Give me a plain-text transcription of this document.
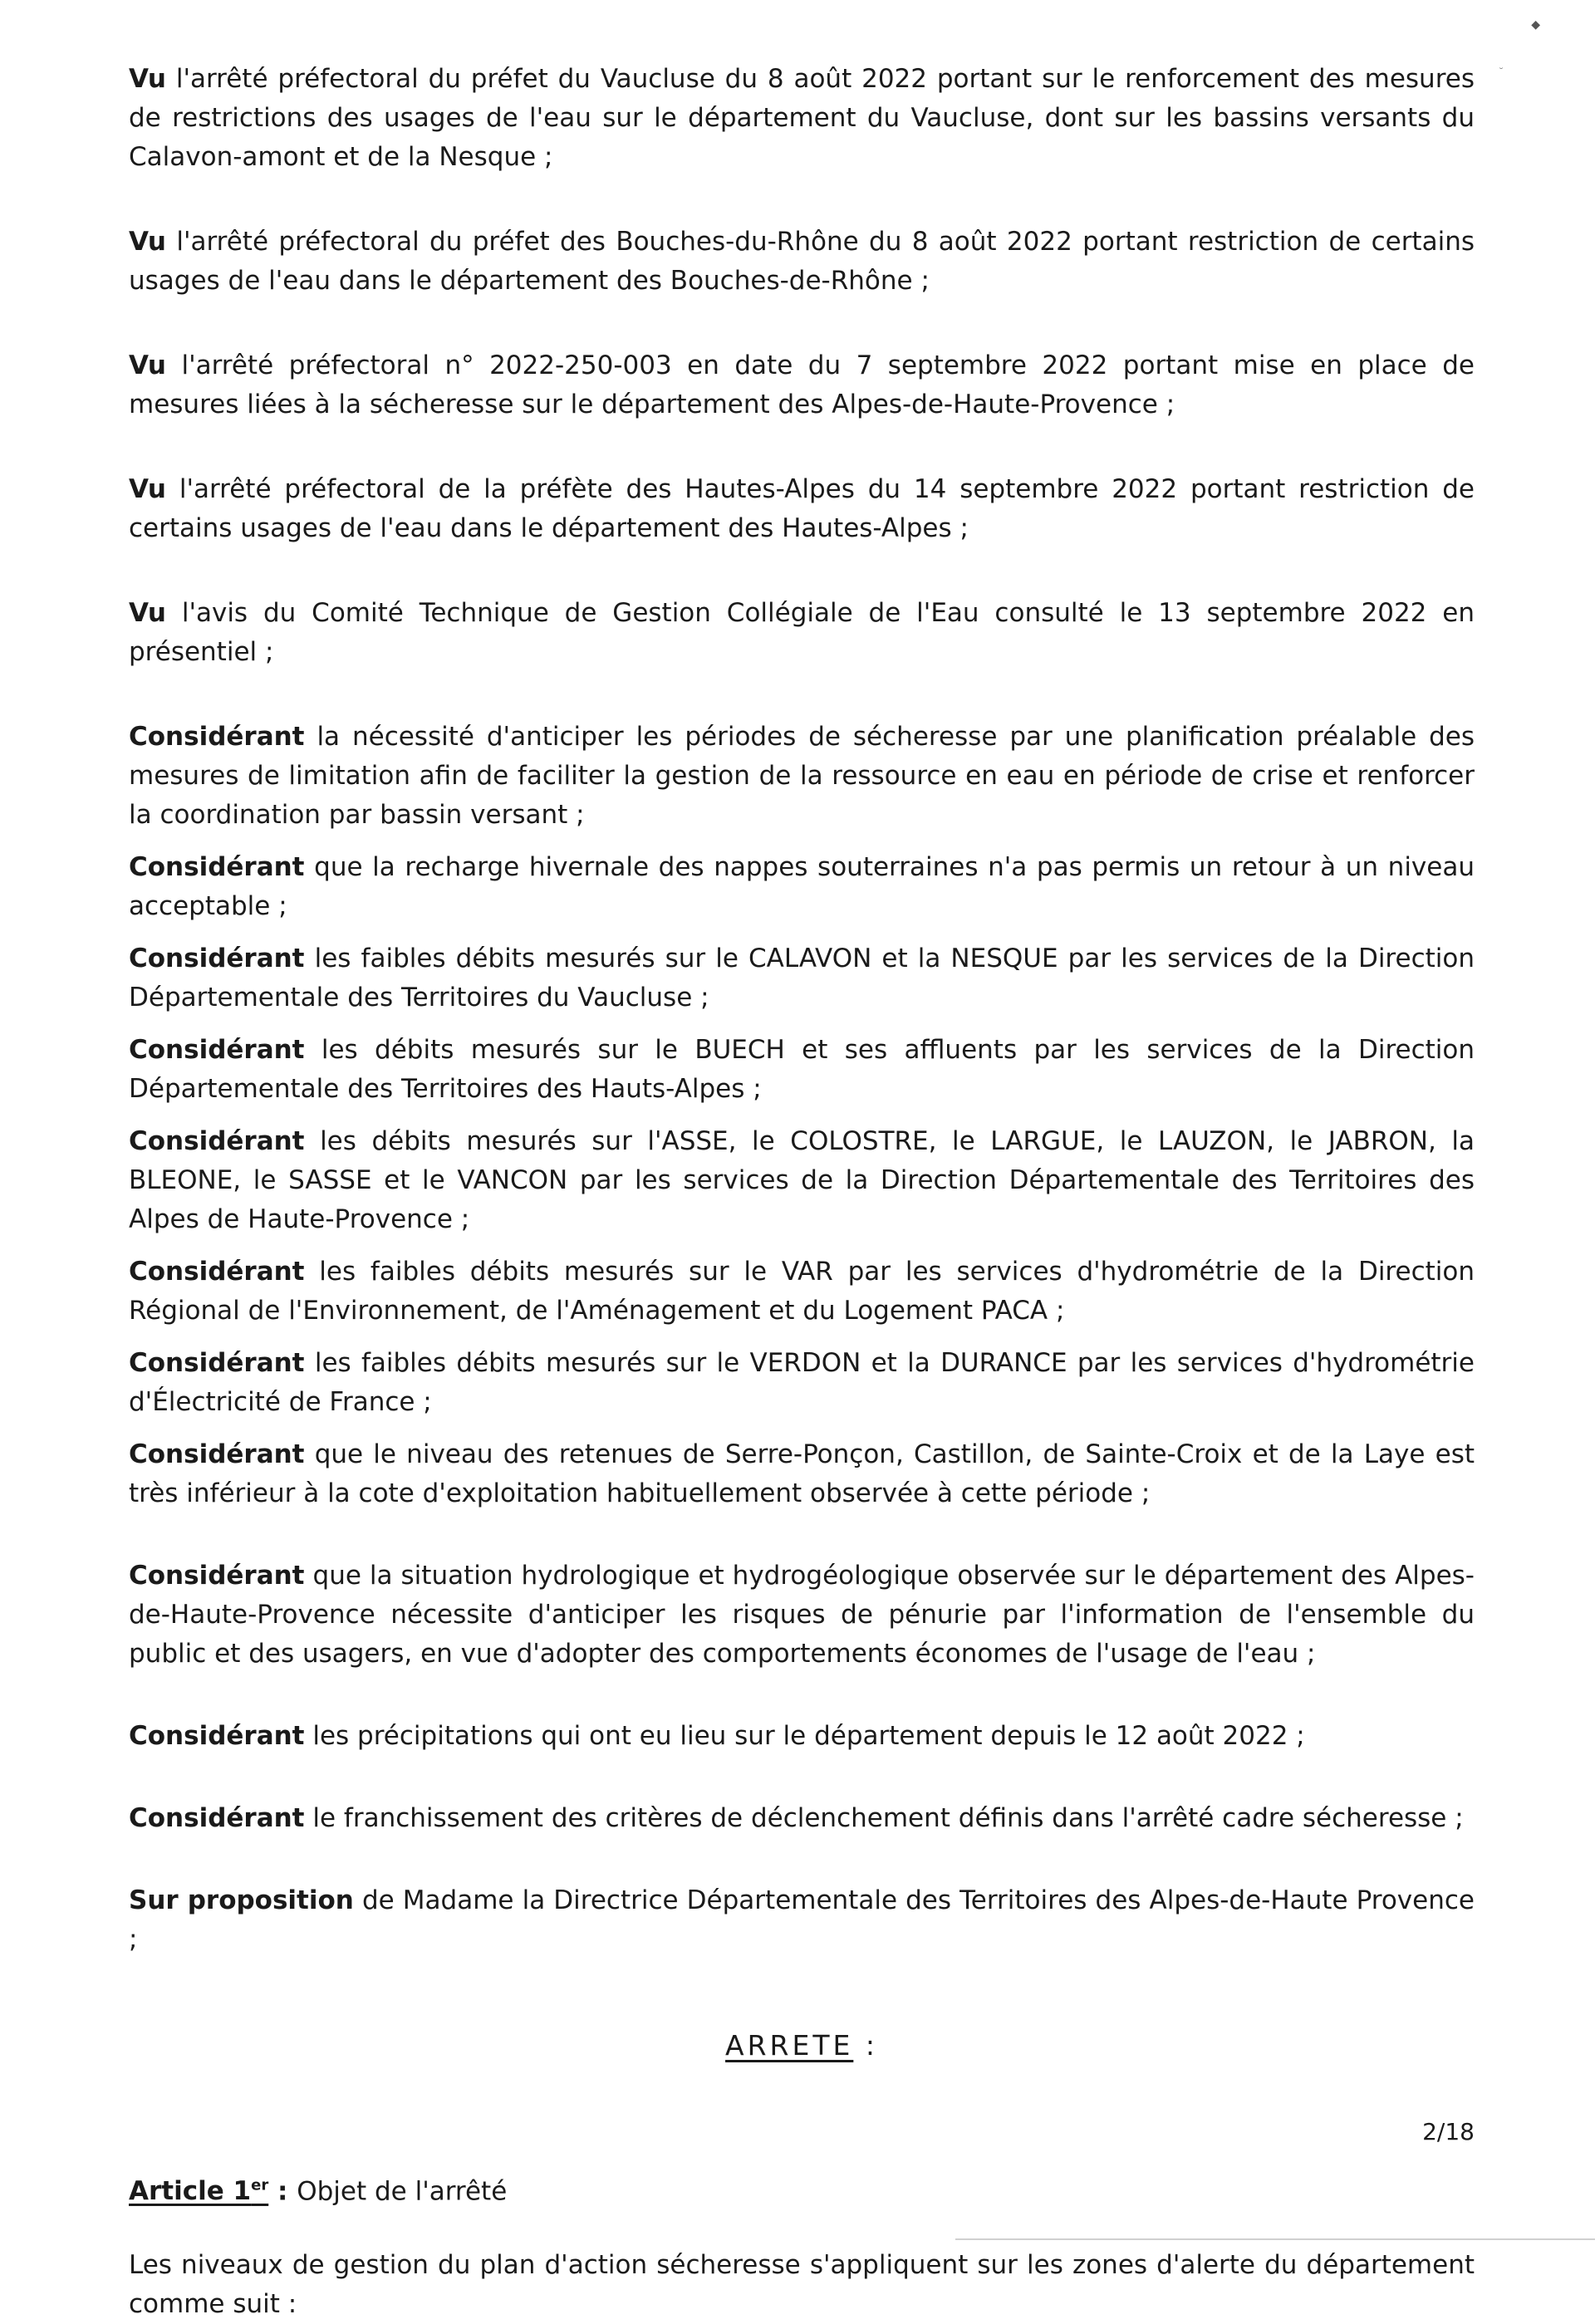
◆
˘

Vu l'arrêté préfectoral du préfet du Vaucluse du 8 août 2022 portant sur le renforcement des mesures de restrictions des usages de l'eau sur le département du Vaucluse, dont sur les bassins versants du Calavon-amont et de la Nesque ;

Vu l'arrêté préfectoral du préfet des Bouches-du-Rhône du 8 août 2022 portant restriction de certains usages de l'eau dans le département des Bouches-de-Rhône ;

Vu l'arrêté préfectoral n° 2022-250-003 en date du 7 septembre 2022 portant mise en place de mesures liées à la sécheresse sur le département des Alpes-de-Haute-Provence ;

Vu l'arrêté préfectoral de la préfète des Hautes-Alpes du 14 septembre 2022 portant restriction de certains usages de l'eau dans le département des Hautes-Alpes ;

Vu l'avis du Comité Technique de Gestion Collégiale de l'Eau consulté le 13 septembre 2022 en présentiel ;

Considérant la nécessité d'anticiper les périodes de sécheresse par une planification préalable des mesures de limitation afin de faciliter la gestion de la ressource en eau en période de crise et renforcer la coordination par bassin versant ;

Considérant que la recharge hivernale des nappes souterraines n'a pas permis un retour à un niveau acceptable ;

Considérant les faibles débits mesurés sur le CALAVON et la NESQUE par les services de la Direction Départementale des Territoires du Vaucluse ;

Considérant les débits mesurés sur le BUECH et ses affluents par les services de la Direction Départementale des Territoires des Hauts-Alpes ;

Considérant les débits mesurés sur l'ASSE, le COLOSTRE, le LARGUE, le LAUZON, le JABRON, la BLEONE, le SASSE et le VANCON par les services de la Direction Départementale des Territoires des Alpes de Haute-Provence ;

Considérant les faibles débits mesurés sur le VAR par les services d'hydrométrie de la Direction Régional de l'Environnement, de l'Aménagement et du Logement PACA ;

Considérant les faibles débits mesurés sur le VERDON et la DURANCE par les services d'hydrométrie d'Électricité de France ;

Considérant que le niveau des retenues de Serre-Ponçon, Castillon, de Sainte-Croix et de la Laye est très inférieur à la cote d'exploitation habituellement observée à cette période ;

Considérant que la situation hydrologique et hydrogéologique observée sur le département des Alpes-de-Haute-Provence nécessite d'anticiper les risques de pénurie par l'information de l'ensemble du public et des usagers, en vue d'adopter des comportements économes de l'usage de l'eau ;

Considérant les précipitations qui ont eu lieu sur le département depuis le 12 août 2022 ;

Considérant le franchissement des critères de déclenchement définis dans l'arrêté cadre sécheresse ;

Sur proposition de Madame la Directrice Départementale des Territoires des Alpes-de-Haute Provence ;

ARRETE :
Article 1er : Objet de l'arrêté

Les niveaux de gestion du plan d'action sécheresse s'appliquent sur les zones d'alerte du département comme suit :

2/18
